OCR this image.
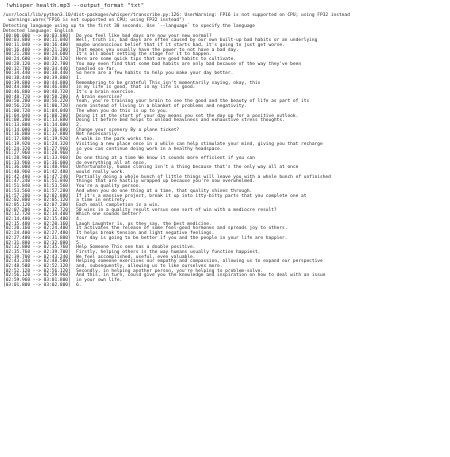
!whisper health.mp3 --output_format "txt"
/usr/local/lib/python3.10/dist-packages/whisper/transcribe.py:126: UserWarning: FP16 is not supported on CPU; using FP32 instead
warnings.warn("FP16 is not supported on CPU; using FP32 instead")
Detecting language using up to the first 30 seconds. Use `--language` to specify the language
Detected language: English
[00:00.000 --> 00:03.880] Do you feel like bad days are now your new normal?
[00:03.880 --> 00:11.040] Well, truth is, bad days are often caused by our own built-up bad habits or an underlying
[00:11.040 --> 00:16.400] maybe unconscious belief that if it starts bad, it's going to just get worse.
[00:16.400 --> 00:21.200] That means you usually have the power to not have a bad day.
[00:21.200 --> 00:24.680] It's all about setting the stage for it to happen.
[00:24.680 --> 00:28.120] Here are some quick tips that are good habits to cultivate.
[00:28.120 --> 00:32.780] You may even find that some bad habits are only bad because of the way they've been
[00:32.780 --> 00:34.440] handled so far.
[00:34.440 --> 00:38.440] So here are a few habits to help you make your day better.
[00:38.440 --> 00:39.880] 1.
[00:39.880 --> 00:44.880] Remembering to be grateful This isn't momentarily saying, okay, this
[00:44.880 --> 00:46.880] in my life is good, that in my life is good.
[00:46.880 --> 00:48.720] It's a brain exercise.
[00:48.720 --> 00:50.280] A brain exercise?
[00:50.280 --> 00:56.220] Yeah, you're training your brain to see the good and the beauty of life as part of its
[00:56.220 --> 01:00.720] norm instead of living in a blanket of problems and negativity.
[01:00.720 --> 01:04.040] The when you do this is up to you.
[01:04.040 --> 01:08.200] Doing it at the start of your day means you set the day up for a positive outlook.
[01:08.200 --> 01:13.880] Doing it before bed helps to unload heaviness and exhaustive stress thoughts.
[01:13.880 --> 01:14.080] 2.
[01:14.080 --> 01:16.880] Change your scenery By a plane ticket?
[01:16.880 --> 01:17.880] Not necessarily.
[01:17.880 --> 01:19.920] A walk in the park works too.
[01:19.920 --> 01:24.320] Visiting a new place once in a while can help stimulate your mind, giving you that recharge
[01:24.320 --> 01:27.960] so you can continue doing work in a healthy headspace.
[01:27.960 --> 01:28.960] 3.
[01:28.960 --> 01:33.960] Do one thing at a time We know it sounds more efficient if you can
[01:33.960 --> 01:36.000] do everything all at once.
[01:36.000 --> 01:40.960] Unfortunately, human cloning isn't a thing because that's the only way all at once
[01:40.960 --> 01:42.480] would really work.
[01:42.480 --> 01:47.240] Partially doing a whole bunch of little things will leave you with a whole bunch of unfinished
[01:47.240 --> 01:51.840] things that are hastily wrapped up because you're now overwhelmed.
[01:51.840 --> 01:53.560] You're a quality person.
[01:53.560 --> 01:57.280] And when you do one thing at a time, that quality shines through.
[01:57.280 --> 02:02.800] If it's a massive project, break it up into itty-bitty parts that you complete one at
[02:02.800 --> 02:05.120] a time in entirety.
[02:05.120 --> 02:07.200] Each small completion is a win.
[02:07.200 --> 02:12.720] 50 wins in a quality result versus one sort of win with a mediocre result?
[02:12.720 --> 02:14.480] Which one sounds better?
[02:14.480 --> 02:15.480] 4.
[02:15.480 --> 02:20.160] Laugh Laughter is, as they say, the best medicine.
[02:20.160 --> 02:24.400] It activates the release of some feel-good hormones and spreads joy to others.
[02:24.400 --> 02:27.480] It helps break tension and light negative feelings.
[02:27.480 --> 02:31.880] Your day is going to be better if you and the people in your life are happier.
[02:31.880 --> 02:32.880] 5.
[02:32.880 --> 02:35.760] Help Someone This one has a double positive.
[02:35.760 --> 02:39.700] Firstly, helping others is the way humans usually function happiest.
[02:39.700 --> 02:43.240] We feel accomplished, useful, even valuable.
[02:43.240 --> 02:48.500] Helping someone exercises our empathy and compassion, allowing us to expand our perspective
[02:48.500 --> 02:52.120] and, subsequently, allowing us to like ourselves more.
[02:52.120 --> 02:56.120] Secondly, in helping another person, you're helping to problem-solve.
[02:56.120 --> 02:59.960] And this, in turn, could give you the knowledge and inspiration on how to deal with an issue
[02:59.960 --> 03:01.800] in your own life.
[03:01.800 --> 03:02.800] 6.
